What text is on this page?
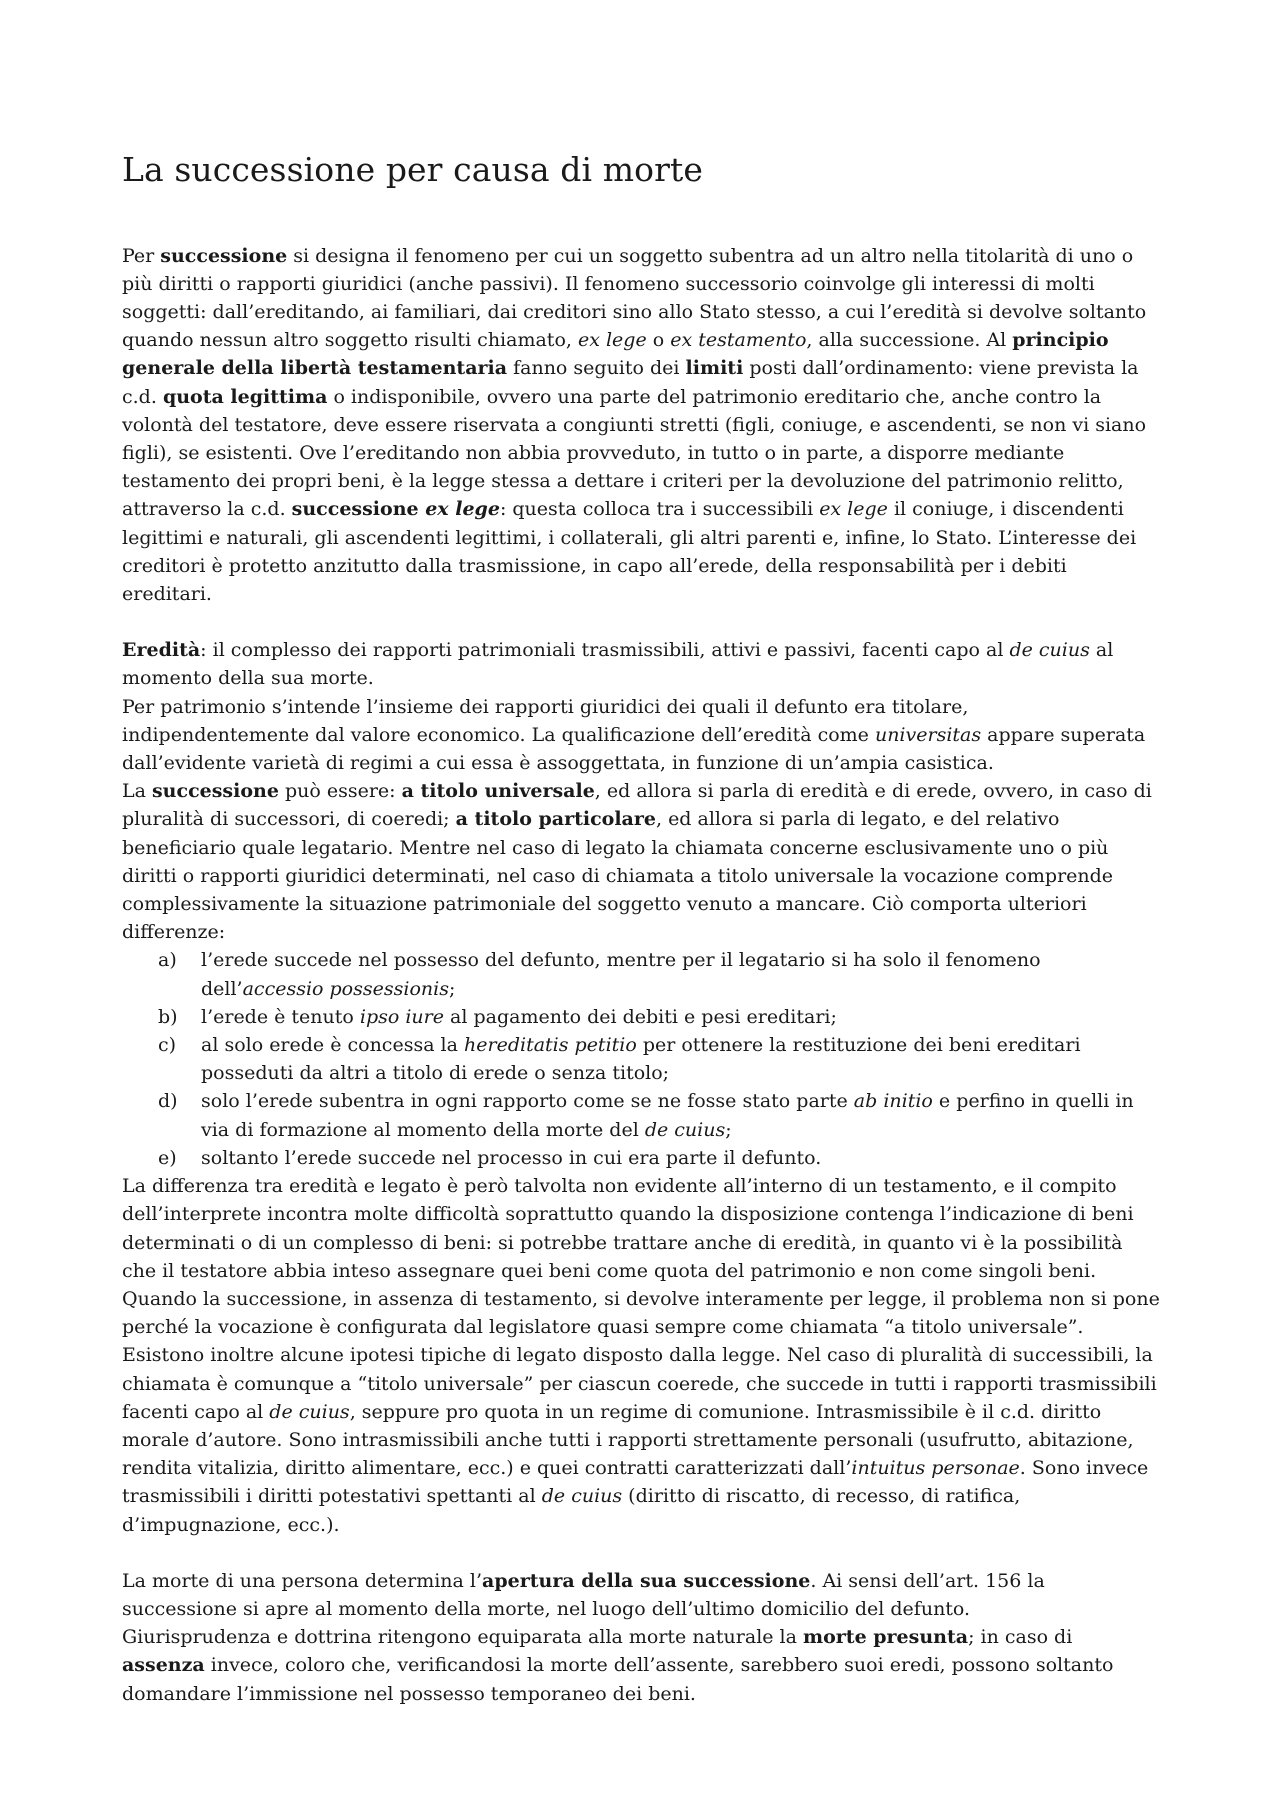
La successione per causa di morte

Per successione si designa il fenomeno per cui un soggetto subentra ad un altro nella titolarità di uno o più diritti o rapporti giuridici (anche passivi). Il fenomeno successorio coinvolge gli interessi di molti soggetti: dall’ereditando, ai familiari, dai creditori sino allo Stato stesso, a cui l’eredità si devolve soltanto quando nessun altro soggetto risulti chiamato, ex lege o ex testamento, alla successione. Al principio generale della libertà testamentaria fanno seguito dei limiti posti dall’ordinamento: viene prevista la c.d. quota legittima o indisponibile, ovvero una parte del patrimonio ereditario che, anche contro la volontà del testatore, deve essere riservata a congiunti stretti (figli, coniuge, e ascendenti, se non vi siano figli), se esistenti. Ove l’ereditando non abbia provveduto, in tutto o in parte, a disporre mediante testamento dei propri beni, è la legge stessa a dettare i criteri per la devoluzione del patrimonio relitto, attraverso la c.d. successione ex lege: questa colloca tra i successibili ex lege il coniuge, i discendenti legittimi e naturali, gli ascendenti legittimi, i collaterali, gli altri parenti e, infine, lo Stato. L’interesse dei creditori è protetto anzitutto dalla trasmissione, in capo all’erede, della responsabilità per i debiti ereditari.

Eredità: il complesso dei rapporti patrimoniali trasmissibili, attivi e passivi, facenti capo al de cuius al momento della sua morte.

Per patrimonio s’intende l’insieme dei rapporti giuridici dei quali il defunto era titolare, indipendentemente dal valore economico. La qualificazione dell’eredità come universitas appare superata dall’evidente varietà di regimi a cui essa è assoggettata, in funzione di un’ampia casistica.

La successione può essere: a titolo universale, ed allora si parla di eredità e di erede, ovvero, in caso di pluralità di successori, di coeredi; a titolo particolare, ed allora si parla di legato, e del relativo beneficiario quale legatario. Mentre nel caso di legato la chiamata concerne esclusivamente uno o più diritti o rapporti giuridici determinati, nel caso di chiamata a titolo universale la vocazione comprende complessivamente la situazione patrimoniale del soggetto venuto a mancare. Ciò comporta ulteriori differenze:

a) l’erede succede nel possesso del defunto, mentre per il legatario si ha solo il fenomeno dell’accessio possessionis;
b) l’erede è tenuto ipso iure al pagamento dei debiti e pesi ereditari;
c) al solo erede è concessa la hereditatis petitio per ottenere la restituzione dei beni ereditari posseduti da altri a titolo di erede o senza titolo;
d) solo l’erede subentra in ogni rapporto come se ne fosse stato parte ab initio e perfino in quelli in via di formazione al momento della morte del de cuius;
e) soltanto l’erede succede nel processo in cui era parte il defunto.

La differenza tra eredità e legato è però talvolta non evidente all’interno di un testamento, e il compito dell’interprete incontra molte difficoltà soprattutto quando la disposizione contenga l’indicazione di beni determinati o di un complesso di beni: si potrebbe trattare anche di eredità, in quanto vi è la possibilità che il testatore abbia inteso assegnare quei beni come quota del patrimonio e non come singoli beni. Quando la successione, in assenza di testamento, si devolve interamente per legge, il problema non si pone perché la vocazione è configurata dal legislatore quasi sempre come chiamata “a titolo universale”. Esistono inoltre alcune ipotesi tipiche di legato disposto dalla legge. Nel caso di pluralità di successibili, la chiamata è comunque a “titolo universale” per ciascun coerede, che succede in tutti i rapporti trasmissibili facenti capo al de cuius, seppure pro quota in un regime di comunione. Intrasmissibile è il c.d. diritto morale d’autore. Sono intrasmissibili anche tutti i rapporti strettamente personali (usufrutto, abitazione, rendita vitalizia, diritto alimentare, ecc.) e quei contratti caratterizzati dall’intuitus personae. Sono invece trasmissibili i diritti potestativi spettanti al de cuius (diritto di riscatto, di recesso, di ratifica, d’impugnazione, ecc.).

La morte di una persona determina l’apertura della sua successione. Ai sensi dell’art. 156 la successione si apre al momento della morte, nel luogo dell’ultimo domicilio del defunto.

Giurisprudenza e dottrina ritengono equiparata alla morte naturale la morte presunta; in caso di assenza invece, coloro che, verificandosi la morte dell’assente, sarebbero suoi eredi, possono soltanto domandare l’immissione nel possesso temporaneo dei beni.
